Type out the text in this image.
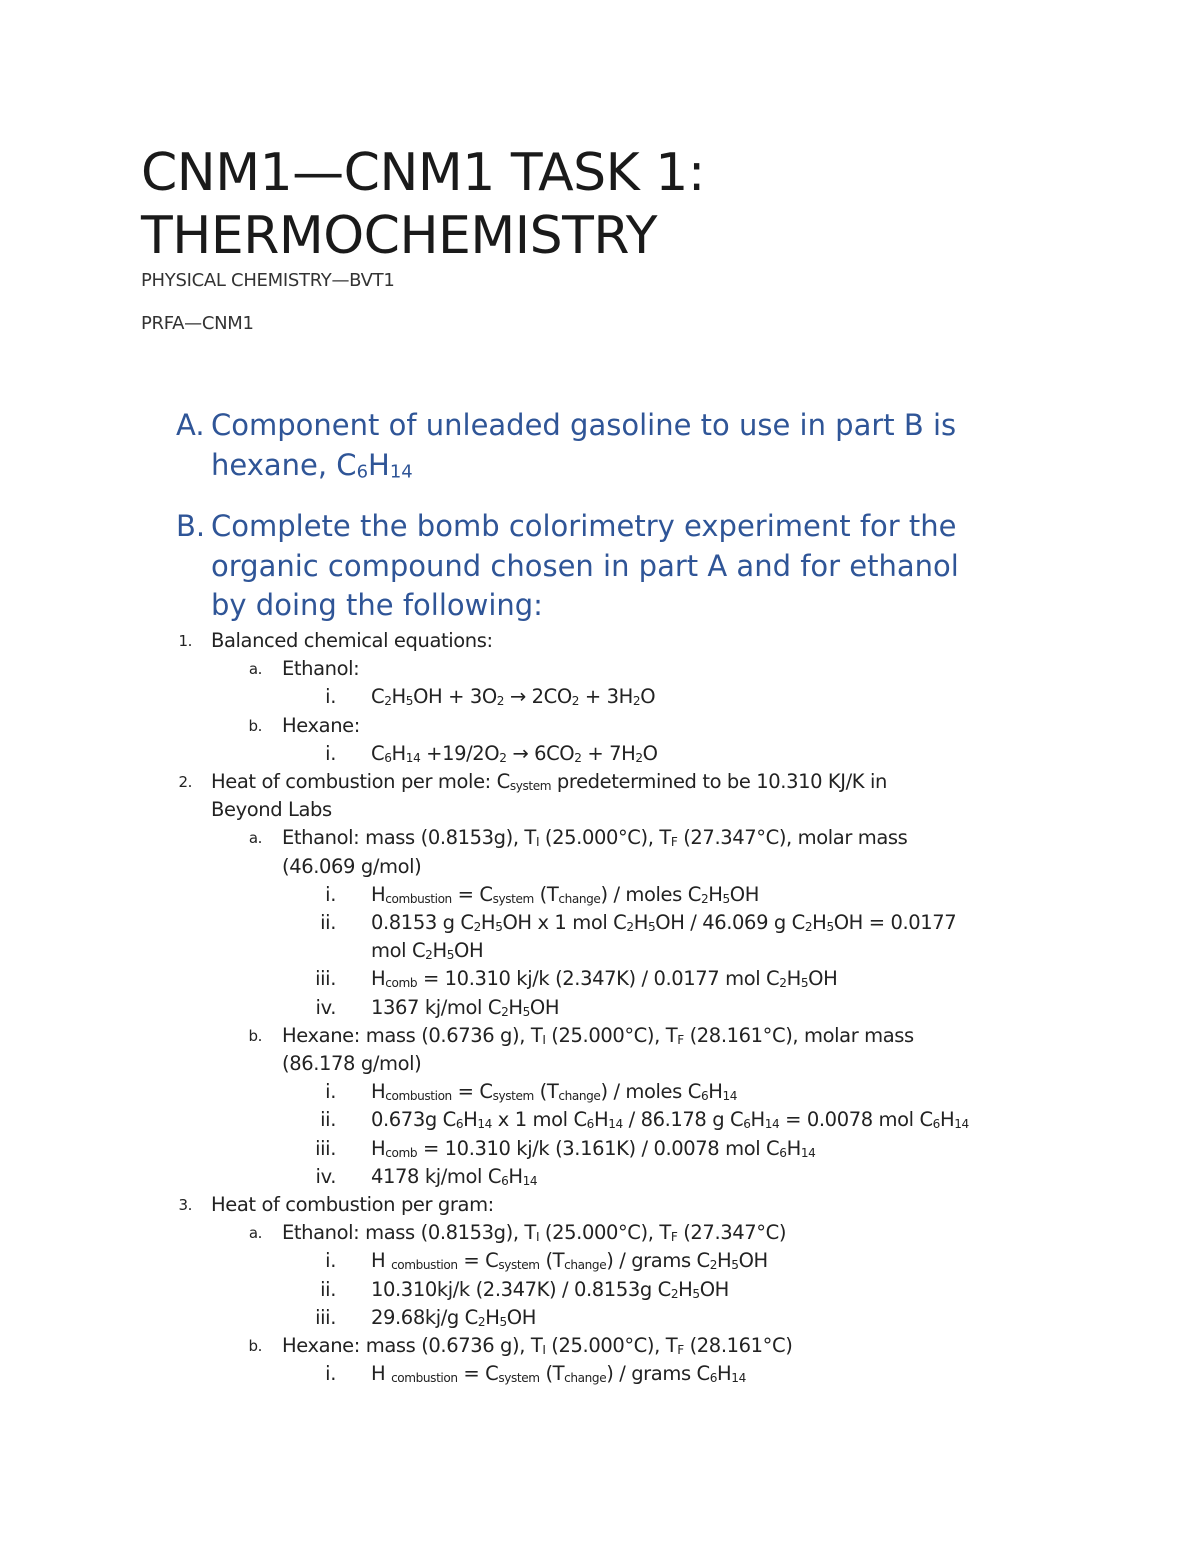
CNM1—CNM1 TASK 1:
THERMOCHEMISTRY
PHYSICAL CHEMISTRY—BVT1
PRFA—CNM1
A. Component of unleaded gasoline to use in part B is
hexane, $C_6H_{14}$
B. Complete the bomb colorimetry experiment for the
organic compound chosen in part A and for ethanol
by doing the following:
1. Balanced chemical equations:
a. Ethanol:
i. $C_2H_5OH + 3O_2 \to 2CO_2 + 3H_2O$
b. Hexane:
i. $C_6H_{14} +19/2O_2 \to 6CO_2 + 7H_2O$
2. Heat of combustion per mole: $C_{system}$ predetermined to be 10.310 KJ/K in
Beyond Labs
a. Ethanol: mass (0.8153g), $T_I$ (25.000°C), $T_F$ (27.347°C), molar mass
(46.069 g/mol)
i. $H_{combustion} = C_{system}$ $(T_{change})$ / moles $C_2H_5OH$
ii. 0.8153 g $C_2H_5OH$ x 1 mol $C_2H_5OH / 46.069$ g $C_2H_5OH = 0.0177$
mol $C_2H_5OH$
iii. $H_{comb} = 10.310$ kj/k (2.347K) / 0.0177 mol $C_2H_5OH$
iv. 1367 kj/mol $C_2H_5OH$
b. Hexane: mass (0.6736 g), $T_I$ (25.000°C), $T_F$ (28.161°C), molar mass
(86.178 g/mol)
i. $H_{combustion} = C_{system}$ $(T_{change})$ / moles $C_6H_{14}$
ii. 0.673g $C_6H_{14}$ x 1 mol $C_6H_{14} / 86.178$ g $C_6H_{14} = 0.0078$ mol $C_6H_{14}$
iii. $H_{comb} = 10.310$ kj/k (3.161K) / 0.0078 mol $C_6H_{14}$
iv. 4178 kj/mol $C_6H_{14}$
3. Heat of combustion per gram:
a. Ethanol: mass (0.8153g), $T_I$ (25.000°C), $T_F$ (27.347°C)
i. H $_{combustion} = C_{system}$ $(T_{change})$ / grams $C_2H_5OH$
ii. 10.310kj/k (2.347K) / 0.8153g $C_2H_5OH$
iii. 29.68kj/g $C_2H_5OH$
b. Hexane: mass (0.6736 g), $T_I$ (25.000°C), $T_F$ (28.161°C)
i. H $_{combustion} = C_{system}$ $(T_{change})$ / grams $C_6H_{14}$
